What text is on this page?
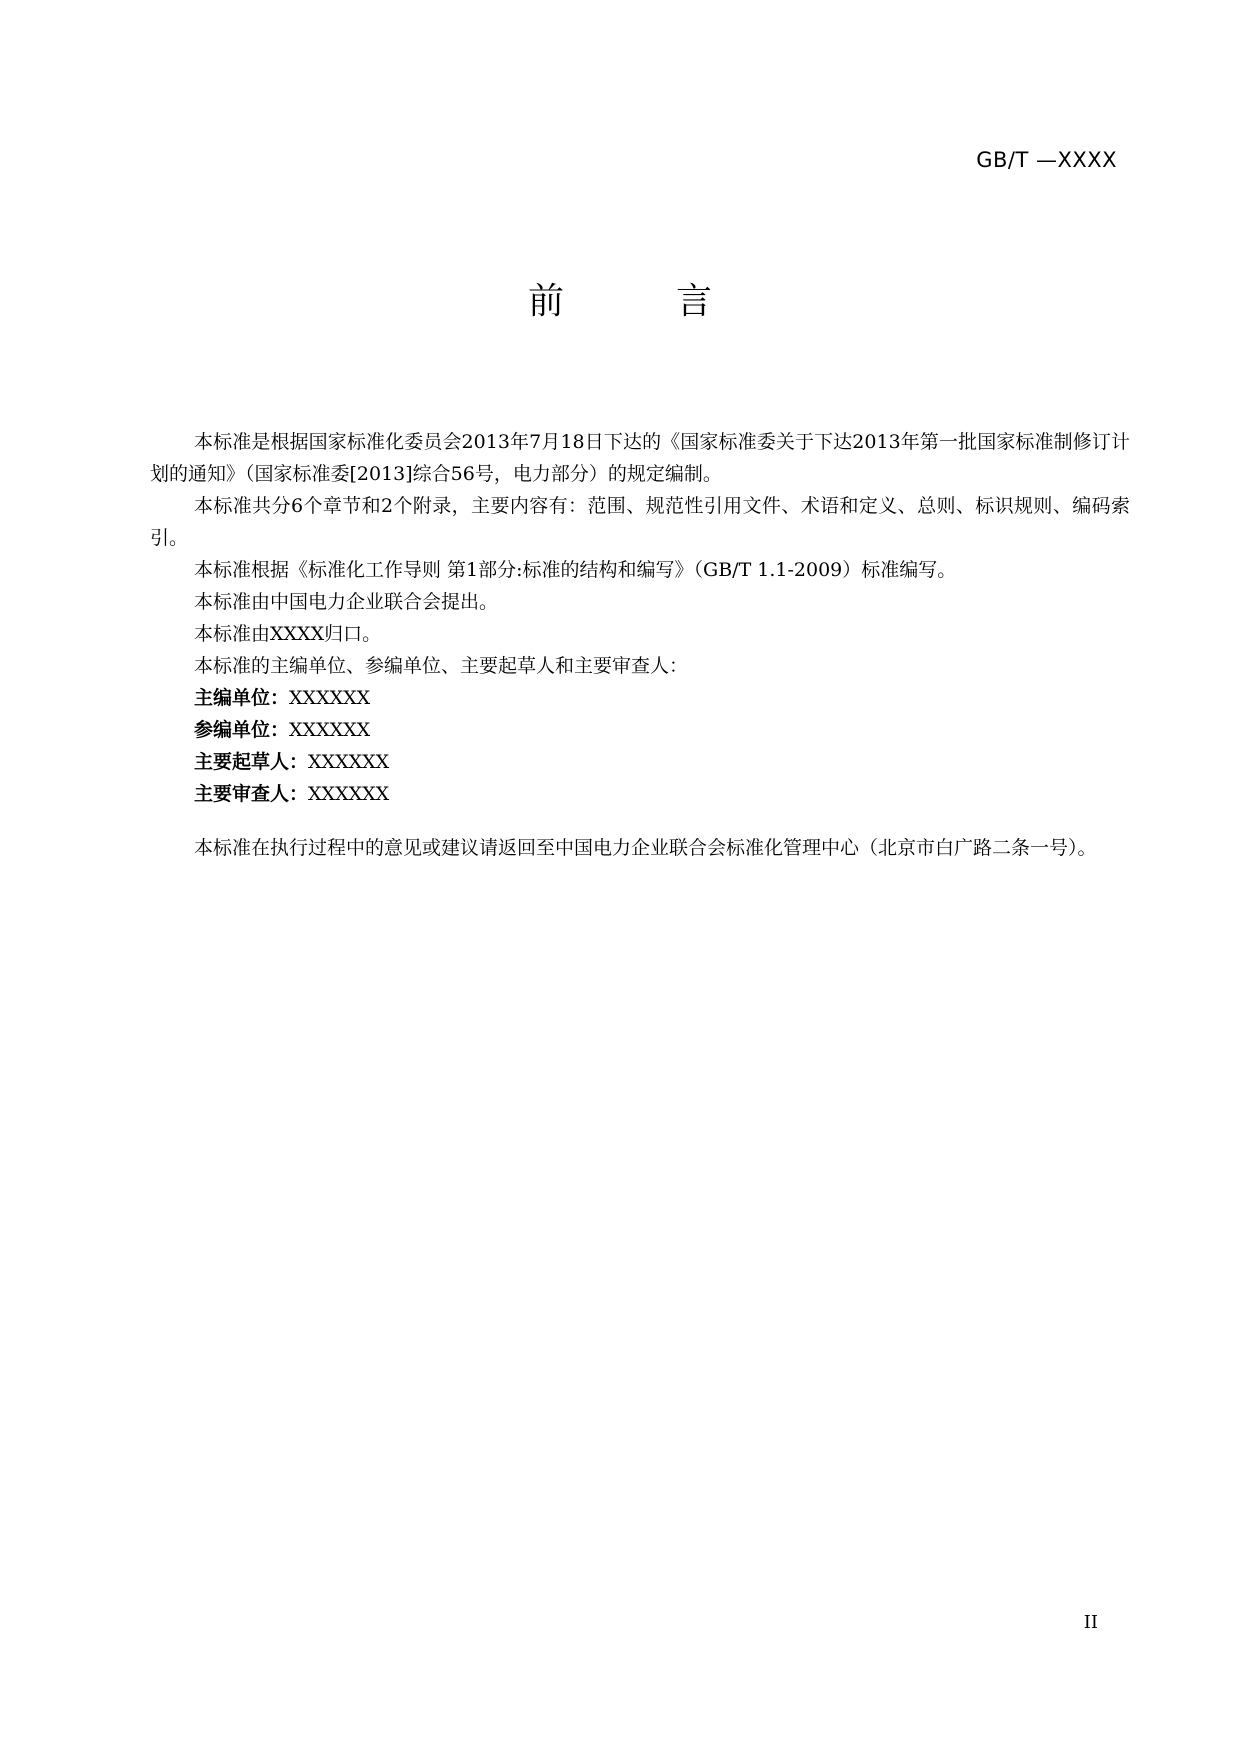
GB/T —XXXX
前	言

本标准是根据国家标准化委员会2013年7月18日下达的《国家标准委关于下达2013年第一批国家标准制修订计划的通知》（国家标准委[2013]综合56号，电力部分）的规定编制。

本标准共分6个章节和2个附录，主要内容有：范围、规范性引用文件、术语和定义、总则、标识规则、编码索引。

本标准根据《标准化工作导则 第1部分:标准的结构和编写》（GB/T 1.1-2009）标准编写。

本标准由中国电力企业联合会提出。

本标准由XXXX归口。

本标准的主编单位、参编单位、主要起草人和主要审查人：

主编单位：XXXXXX

参编单位：XXXXXX

主要起草人：XXXXXX

主要审查人：XXXXXX

本标准在执行过程中的意见或建议请返回至中国电力企业联合会标准化管理中心（北京市白广路二条一号）。

II
